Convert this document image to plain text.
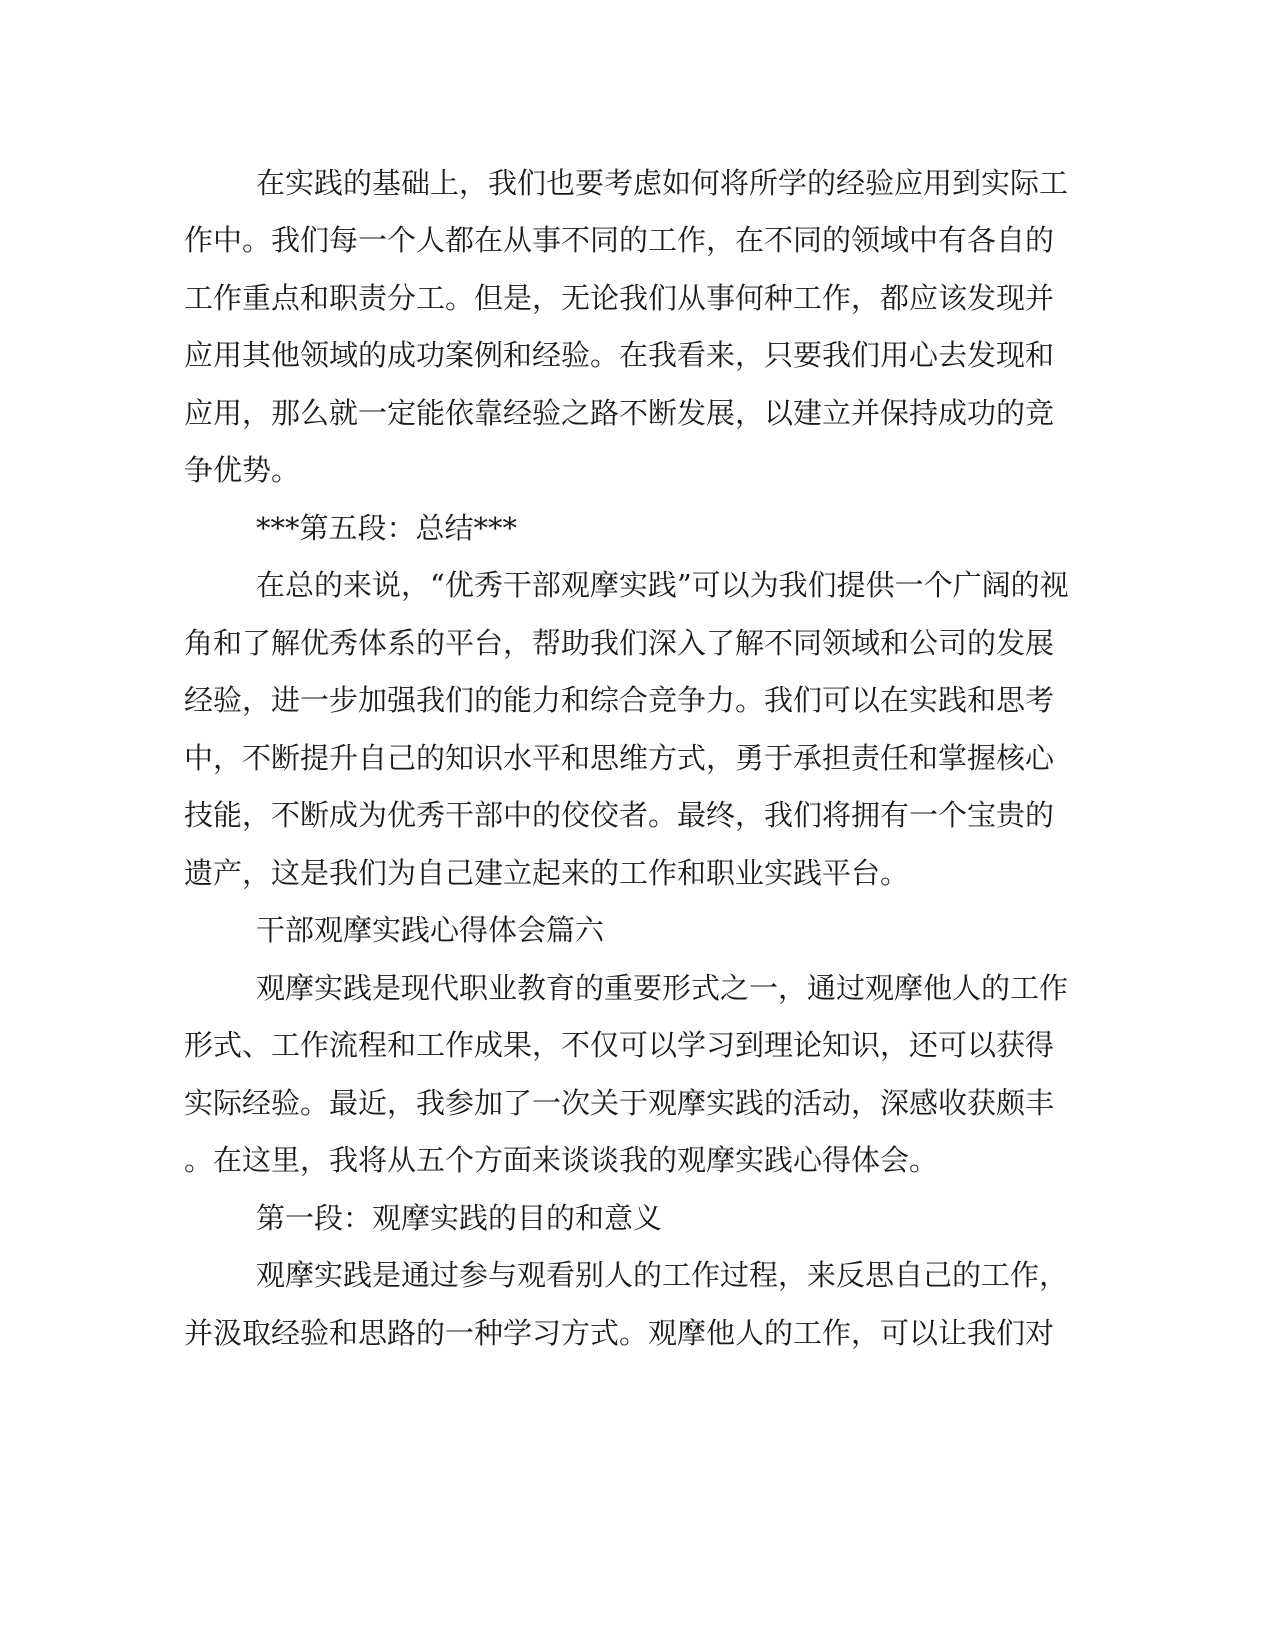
在实践的基础上，我们也要考虑如何将所学的经验应用到实际工

作中。我们每一个人都在从事不同的工作，在不同的领域中有各自的

工作重点和职责分工。但是，无论我们从事何种工作，都应该发现并

应用其他领域的成功案例和经验。在我看来，只要我们用心去发现和

应用，那么就一定能依靠经验之路不断发展，以建立并保持成功的竞

争优势。

***第五段：总结***

在总的来说，“优秀干部观摩实践”可以为我们提供一个广阔的视

角和了解优秀体系的平台，帮助我们深入了解不同领域和公司的发展

经验，进一步加强我们的能力和综合竞争力。我们可以在实践和思考

中，不断提升自己的知识水平和思维方式，勇于承担责任和掌握核心

技能，不断成为优秀干部中的佼佼者。最终，我们将拥有一个宝贵的

遗产，这是我们为自己建立起来的工作和职业实践平台。

干部观摩实践心得体会篇六

观摩实践是现代职业教育的重要形式之一，通过观摩他人的工作

形式、工作流程和工作成果，不仅可以学习到理论知识，还可以获得

实际经验。最近，我参加了一次关于观摩实践的活动，深感收获颇丰

。在这里，我将从五个方面来谈谈我的观摩实践心得体会。

第一段：观摩实践的目的和意义

观摩实践是通过参与观看别人的工作过程，来反思自己的工作，

并汲取经验和思路的一种学习方式。观摩他人的工作，可以让我们对
